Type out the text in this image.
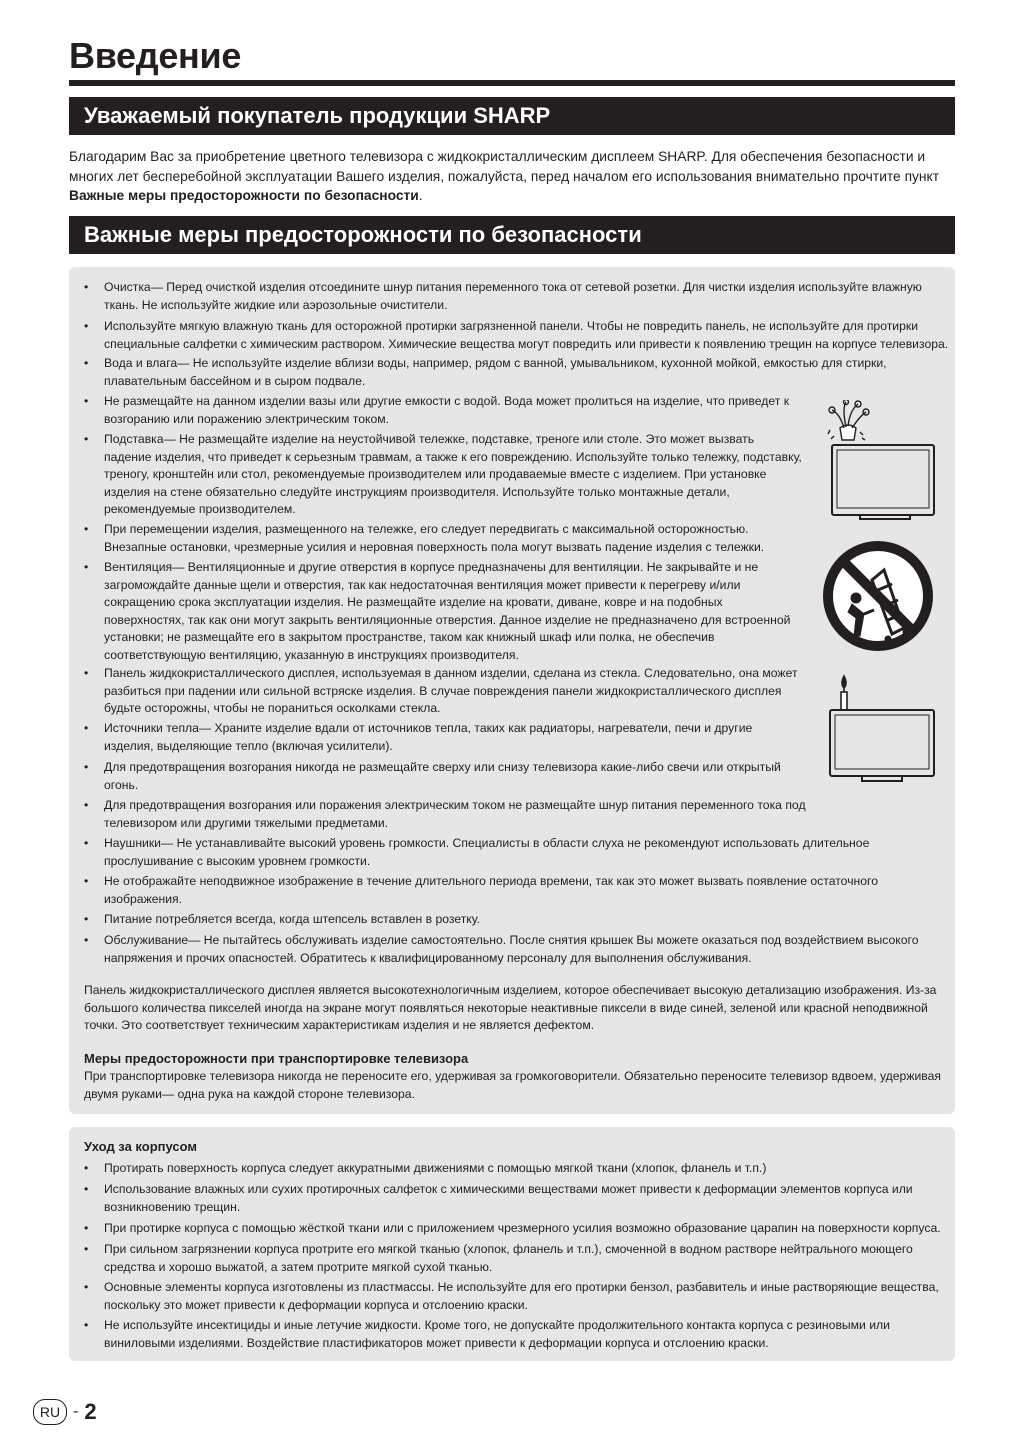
Введение
Уважаемый покупатель продукции SHARP

Благодарим Вас за приобретение цветного телевизора с жидкокристаллическим дисплеем SHARP. Для обеспечения безопасности и многих лет бесперебойной эксплуатации Вашего изделия, пожалуйста, перед началом его использования внимательно прочтите пункт Важные меры предосторожности по безопасности.

Важные меры предосторожности по безопасности

• Очистка— Перед очисткой изделия отсоедините шнур питания переменного тока от сетевой розетки. Для чистки изделия используйте влажную ткань. Не используйте жидкие или аэрозольные очистители.

• Используйте мягкую влажную ткань для осторожной протирки загрязненной панели. Чтобы не повредить панель, не используйте для протирки специальные салфетки с химическим раствором. Химические вещества могут повредить или привести к появлению трещин на корпусе телевизора.

• Вода и влага— Не используйте изделие вблизи воды, например, рядом с ванной, умывальником, кухонной мойкой, емкостью для стирки, плавательным бассейном и в сыром подвале.

• Не размещайте на данном изделии вазы или другие емкости с водой. Вода может пролиться на изделие, что приведет к возгоранию или поражению электрическим током.

• Подставка— Не размещайте изделие на неустойчивой тележке, подставке, треноге или столе. Это может вызвать падение изделия, что приведет к серьезным травмам, а также к его повреждению. Используйте только тележку, подставку, треногу, кронштейн или стол, рекомендуемые производителем или продаваемые вместе с изделием. При установке изделия на стене обязательно следуйте инструкциям производителя. Используйте только монтажные детали, рекомендуемые производителем.

• При перемещении изделия, размещенного на тележке, его следует передвигать с максимальной осторожностью. Внезапные остановки, чрезмерные усилия и неровная поверхность пола могут вызвать падение изделия с тележки.

• Вентиляция— Вентиляционные и другие отверстия в корпусе предназначены для вентиляции. Не закрывайте и не загромождайте данные щели и отверстия, так как недостаточная вентиляция может привести к перегреву и/или сокращению срока эксплуатации изделия. Не размещайте изделие на кровати, диване, ковре и на подобных поверхностях, так как они могут закрыть вентиляционные отверстия. Данное изделие не предназначено для встроенной установки; не размещайте его в закрытом пространстве, таком как книжный шкаф или полка, не обеспечив соответствующую вентиляцию, указанную в инструкциях производителя.

• Панель жидкокристаллического дисплея, используемая в данном изделии, сделана из стекла. Следовательно, она может разбиться при падении или сильной встряске изделия. В случае повреждения панели жидкокристаллического дисплея будьте осторожны, чтобы не пораниться осколками стекла.

• Источники тепла— Храните изделие вдали от источников тепла, таких как радиаторы, нагреватели, печи и другие изделия, выделяющие тепло (включая усилители).

• Для предотвращения возгорания никогда не размещайте сверху или снизу телевизора какие-либо свечи или открытый огонь.

• Для предотвращения возгорания или поражения электрическим током не размещайте шнур питания переменного тока под телевизором или другими тяжелыми предметами.

• Наушники— Не устанавливайте высокий уровень громкости. Специалисты в области слуха не рекомендуют использовать длительное прослушивание с высоким уровнем громкости.

• Не отображайте неподвижное изображение в течение длительного периода времени, так как это может вызвать появление остаточного изображения.

• Питание потребляется всегда, когда штепсель вставлен в розетку.

• Обслуживание— Не пытайтесь обслуживать изделие самостоятельно. После снятия крышек Вы можете оказаться под воздействием высокого напряжения и прочих опасностей. Обратитесь к квалифицированному персоналу для выполнения обслуживания.

Панель жидкокристаллического дисплея является высокотехнологичным изделием, которое обеспечивает высокую детализацию изображения. Из-за большого количества пикселей иногда на экране могут появляться некоторые неактивные пиксели в виде синей, зеленой или красной неподвижной точки. Это соответствует техническим характеристикам изделия и не является дефектом.

Меры предосторожности при транспортировке телевизора

При транспортировке телевизора никогда не переносите его, удерживая за громкоговорители. Обязательно переносите телевизор вдвоем, удерживая двумя руками— одна рука на каждой стороне телевизора.

Уход за корпусом

• Протирать поверхность корпуса следует аккуратными движениями с помощью мягкой ткани (хлопок, фланель и т.п.)

• Использование влажных или сухих протирочных салфеток с химическими веществами может привести к деформации элементов корпуса или возникновению трещин.

• При протирке корпуса с помощью жёсткой ткани или с приложением чрезмерного усилия возможно образование царапин на поверхности корпуса.

• При сильном загрязнении корпуса протрите его мягкой тканью (хлопок, фланель и т.п.), смоченной в водном растворе нейтрального моющего средства и хорошо выжатой, а затем протрите мягкой сухой тканью.

• Основные элементы корпуса изготовлены из пластмассы. Не используйте для его протирки бензол, разбавитель и иные растворяющие вещества, поскольку это может привести к деформации корпуса и отслоению краски.

• Не используйте инсектициды и иные летучие жидкости. Кроме того, не допускайте продолжительного контакта корпуса с резиновыми или виниловыми изделиями. Воздействие пластификаторов может привести к деформации корпуса и отслоению краски.

RU - 2
